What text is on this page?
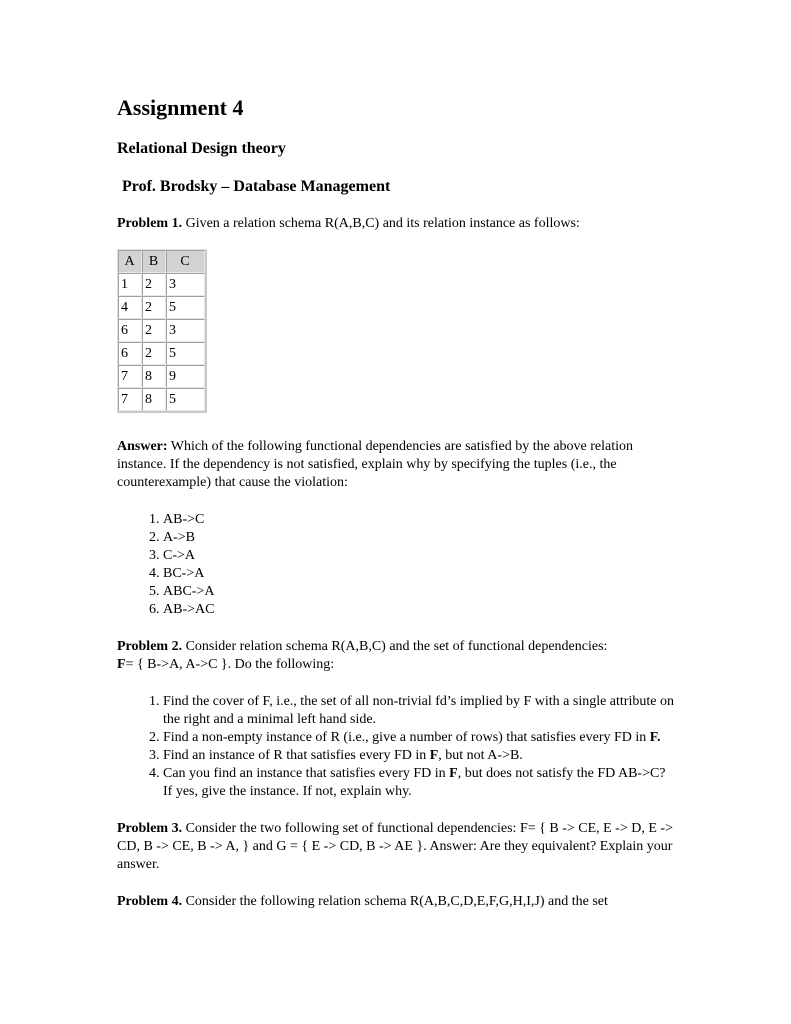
Assignment 4
Relational Design theory
Prof. Brodsky – Database Management

Problem 1. Given a relation schema R(A,B,C) and its relation instance as follows:

A	B	C
1	2	3
4	2	5
6	2	3
6	2	5
7	8	9
7	8	5

Answer: Which of the following functional dependencies are satisfied by the above relation instance. If the dependency is not satisfied, explain why by specifying the tuples (i.e., the counterexample) that cause the violation:

1. AB->C
2. A->B
3. C->A
4. BC->A
5. ABC->A
6. AB->AC

Problem 2. Consider relation schema R(A,B,C) and the set of functional dependencies:
F= { B->A, A->C }. Do the following:

1. Find the cover of F, i.e., the set of all non-trivial fd’s implied by F with a single attribute on the right and a minimal left hand side.
2. Find a non-empty instance of R (i.e., give a number of rows) that satisfies every FD in F.
3. Find an instance of R that satisfies every FD in F, but not A->B.
4. Can you find an instance that satisfies every FD in F, but does not satisfy the FD AB->C? If yes, give the instance. If not, explain why.

Problem 3. Consider the two following set of functional dependencies: F= { B -> CE, E -> D, E -> CD, B -> CE, B -> A, } and G = { E -> CD, B -> AE }. Answer: Are they equivalent? Explain your answer.

Problem 4. Consider the following relation schema R(A,B,C,D,E,F,G,H,I,J) and the set
